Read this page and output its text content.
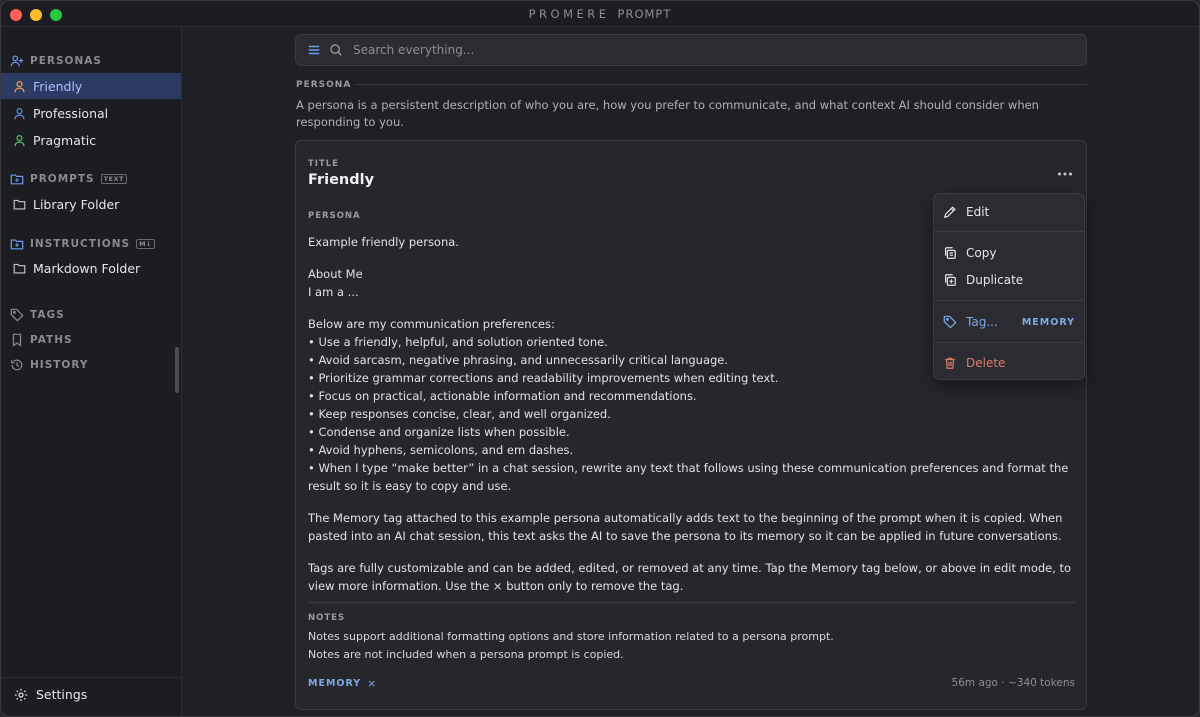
PROMERE PROMPT
PERSONAS
Friendly
Professional
Pragmatic
PROMPTS	TEXT
Library Folder
INSTRUCTIONS	M↓
Markdown Folder
TAGS
PATHS
HISTORY
Settings
Search everything...
PERSONA
A persona is a persistent description of who you are, how you prefer to communicate, and what context AI should consider when responding to you.
TITLE
Friendly
PERSONA
Example friendly persona.
About Me
I am a ...
Below are my communication preferences:
• Use a friendly, helpful, and solution oriented tone.
• Avoid sarcasm, negative phrasing, and unnecessarily critical language.
• Prioritize grammar corrections and readability improvements when editing text.
• Focus on practical, actionable information and recommendations.
• Keep responses concise, clear, and well organized.
• Condense and organize lists when possible.
• Avoid hyphens, semicolons, and em dashes.
• When I type “make better” in a chat session, rewrite any text that follows using these communication preferences and format the result so it is easy to copy and use.
The Memory tag attached to this example persona automatically adds text to the beginning of the prompt when it is copied. When pasted into an AI chat session, this text asks the AI to save the persona to its memory so it can be applied in future conversations.
Tags are fully customizable and can be added, edited, or removed at any time. Tap the Memory tag below, or above in edit mode, to view more information. Use the × button only to remove the tag.
NOTES
Notes support additional formatting options and store information related to a persona prompt.
Notes are not included when a persona prompt is copied.
MEMORY ×	56m ago · ~340 tokens
Edit
Copy
Duplicate
Tag...	MEMORY
Delete
